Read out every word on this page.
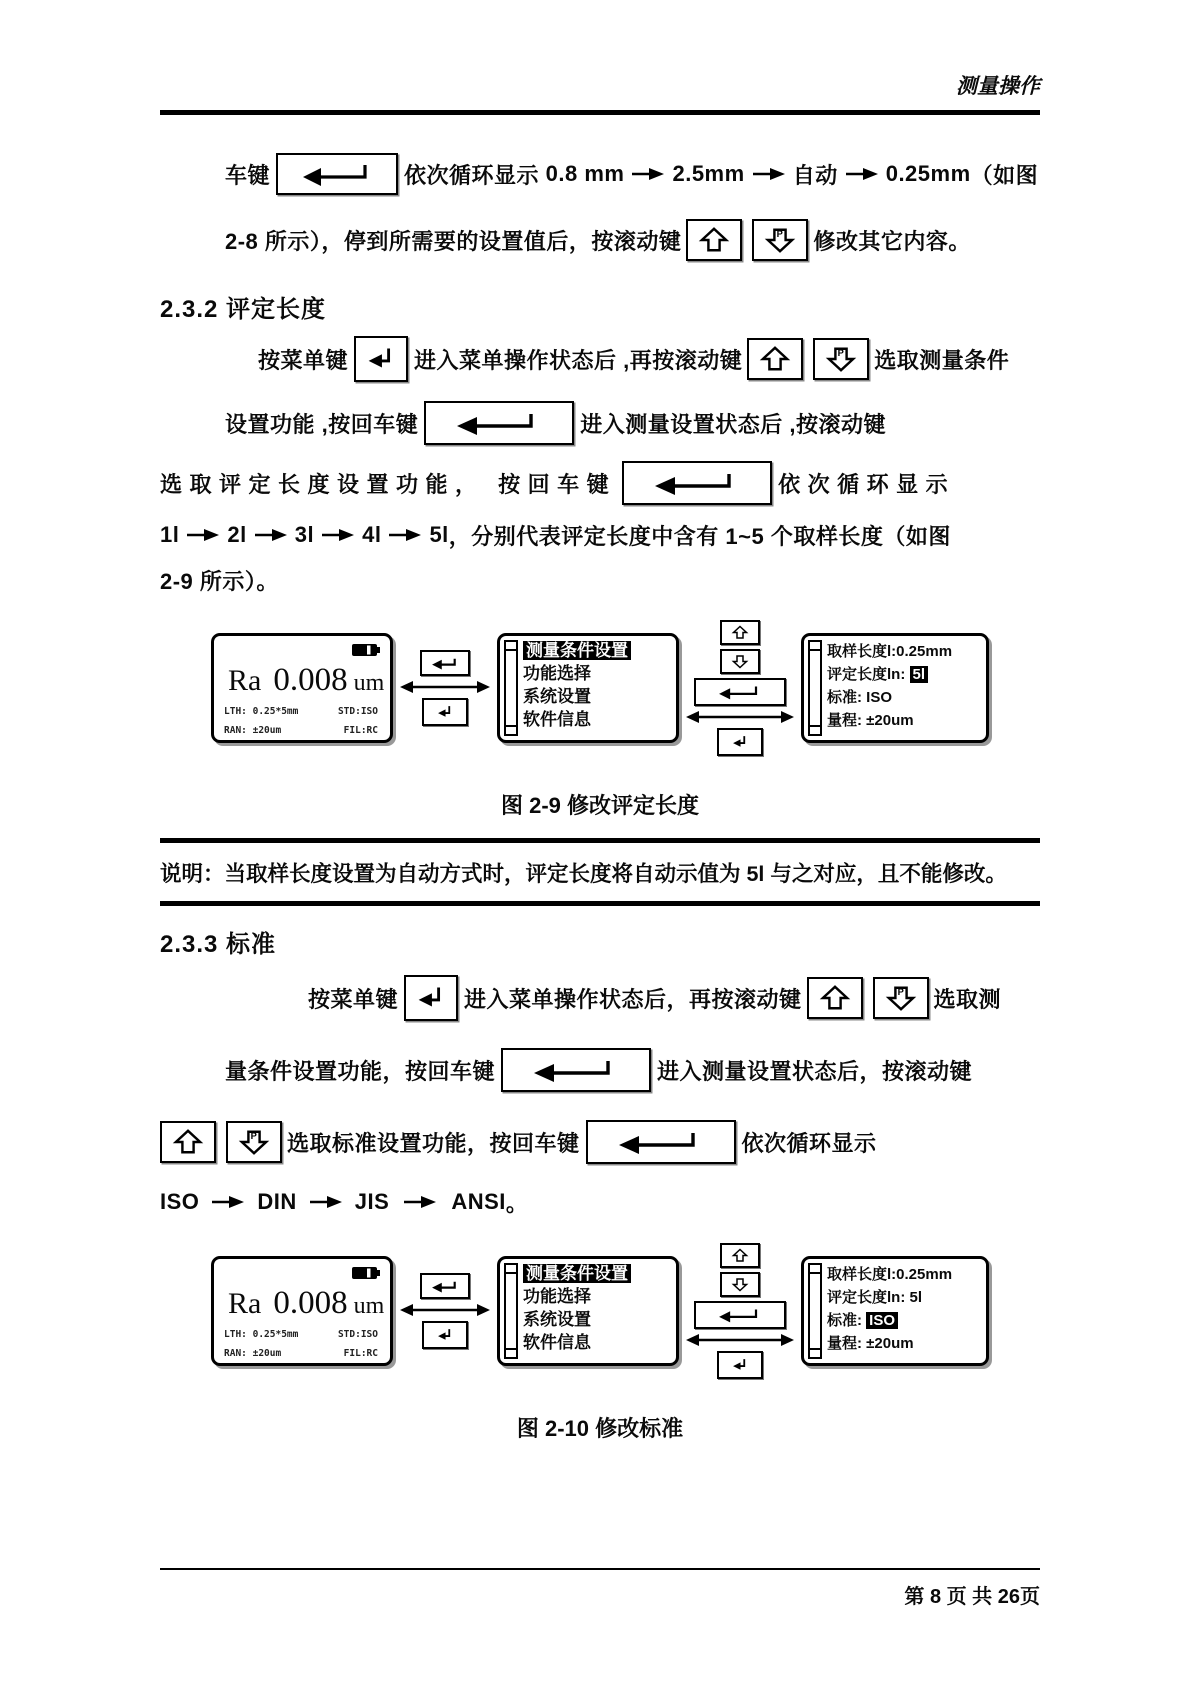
测量操作
车键	依次循环显示 0.8 mm 2.5mm 自动 0.25mm （如图
2-8 所示），停到所需要的设置值后，按滚动键	P 修改其它内容。
2.3.2 评定长度
按菜单键	进入菜单操作状态后 ,再按滚动键	P 选取测量条件
设置功能 ,按回车键	进入测量设置状态后 ,按滚动键
选取评定长度设置功能， 按回车键	依次循环显示
1l 2l 3l 4l 5l ，分别代表评定长度中含有 1~5 个取样长度（如图
2-9 所示）。
Ra 0.008 um
LTH: 0.25*5mm	STD:ISO
RAN: ±20um	FIL:RC
测量条件设置
功能选择
系统设置
软件信息
取样长度l:0.25mm
评定长度ln: 5l
标准: ISO
量程: ±20um
图 2-9 修改评定长度
说明：当取样长度设置为自动方式时，评定长度将自动示值为 5l 与之对应，且不能修改。
2.3.3 标准
按菜单键	进入菜单操作状态后，再按滚动键	P 选取测
量条件设置功能，按回车键	进入测量设置状态后，按滚动键
P 选取标准设置功能，按回车键	依次循环显示
ISO	DIN	JIS	ANSI 。
Ra 0.008 um
LTH: 0.25*5mm	STD:ISO
RAN: ±20um	FIL:RC
测量条件设置
功能选择
系统设置
软件信息
取样长度l:0.25mm
评定长度ln: 5l
标准: ISO
量程: ±20um
图 2-10 修改标准
第 8 页 共 26页
